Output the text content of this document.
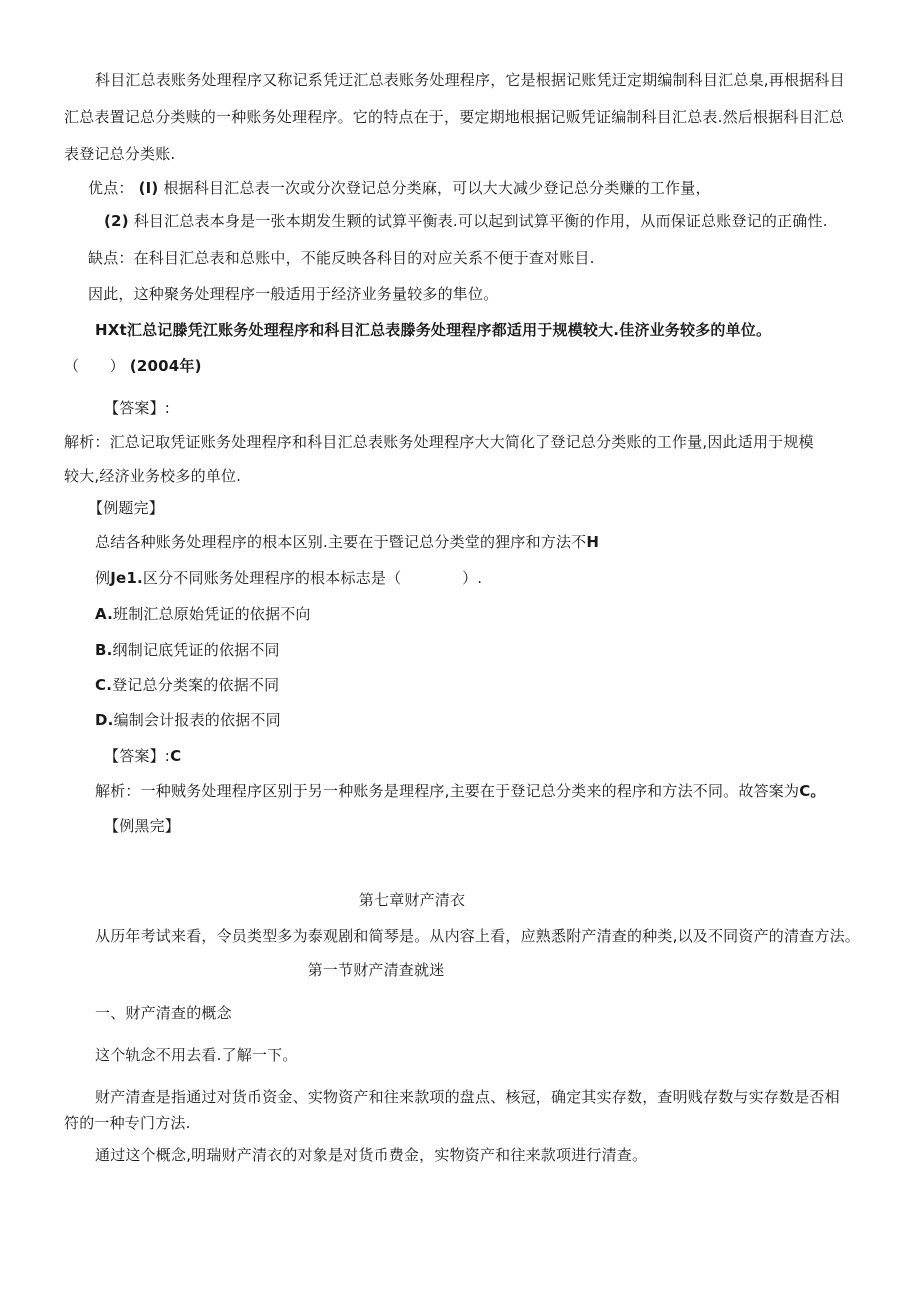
科目汇总表账务处理程序又称记系凭迂汇总表账务处理程序，它是根据记账凭迂定期编制科目汇总臬,再根据科目
汇总表置记总分类赎的一种账务处理程序。它的特点在于，要定期地根据记贩凭证编制科目汇总表.然后根据科目汇总
表登记总分类账.
优点： (I) 根据科目汇总表一次或分次登记总分类麻，可以大大减少登记总分类赚的工作量，
(2) 科目汇总表本身是一张本期发生颗的试算平衡表.可以起到试算平衡的作用，从而保证总账登记的正确性.
缺点：在科目汇总表和总账中，不能反映各科目的对应关系不便于查对账目.
因此，这种聚务处理程序一般适用于经济业务量较多的隼位。
HXt汇总记滕凭江账务处理程序和科目汇总表滕务处理程序都适用于规模较大.佳济业务较多的单位。
（　　） (2004年)
【答案】:
解析：汇总记取凭证账务处理程序和科目汇总表账务处理程序大大简化了登记总分类账的工作量,因此适用于规模
较大,经济业务校多的单位.
【例题完】
总结各种账务处理程序的根本区别.主要在于暨记总分类堂的狸序和方法不H
例Je1.区分不同账务处理程序的根本标志是（　　　　）.
A.班制汇总原始凭证的依据不向
B.纲制记底凭证的依据不同
C.登记总分类案的依据不同
D.编制会计报表的依据不同
【答案】:C
解析：一种贼务处理程序区别于另一种账务是理程序,主要在于登记总分类来的程序和方法不同。故答案为C。
【例黑完】
第七章财产清衣
从历年考试来看，令员类型多为泰观剧和简琴是。从内容上看，应熟悉附产清查的种类,以及不同资产的清查方法。
第一节财产清查就迷
一、财产清查的概念
这个轨念不用去看.了解一下。
财产清查是指通过对货币资金、实物资产和往来款项的盘点、核冠，确定其实存数，查明贱存数与实存数是否相
符的一种专门方法.
通过这个概念,明瑞财产清衣的对象是对货币费金，实物资产和往来款项进行清查。
